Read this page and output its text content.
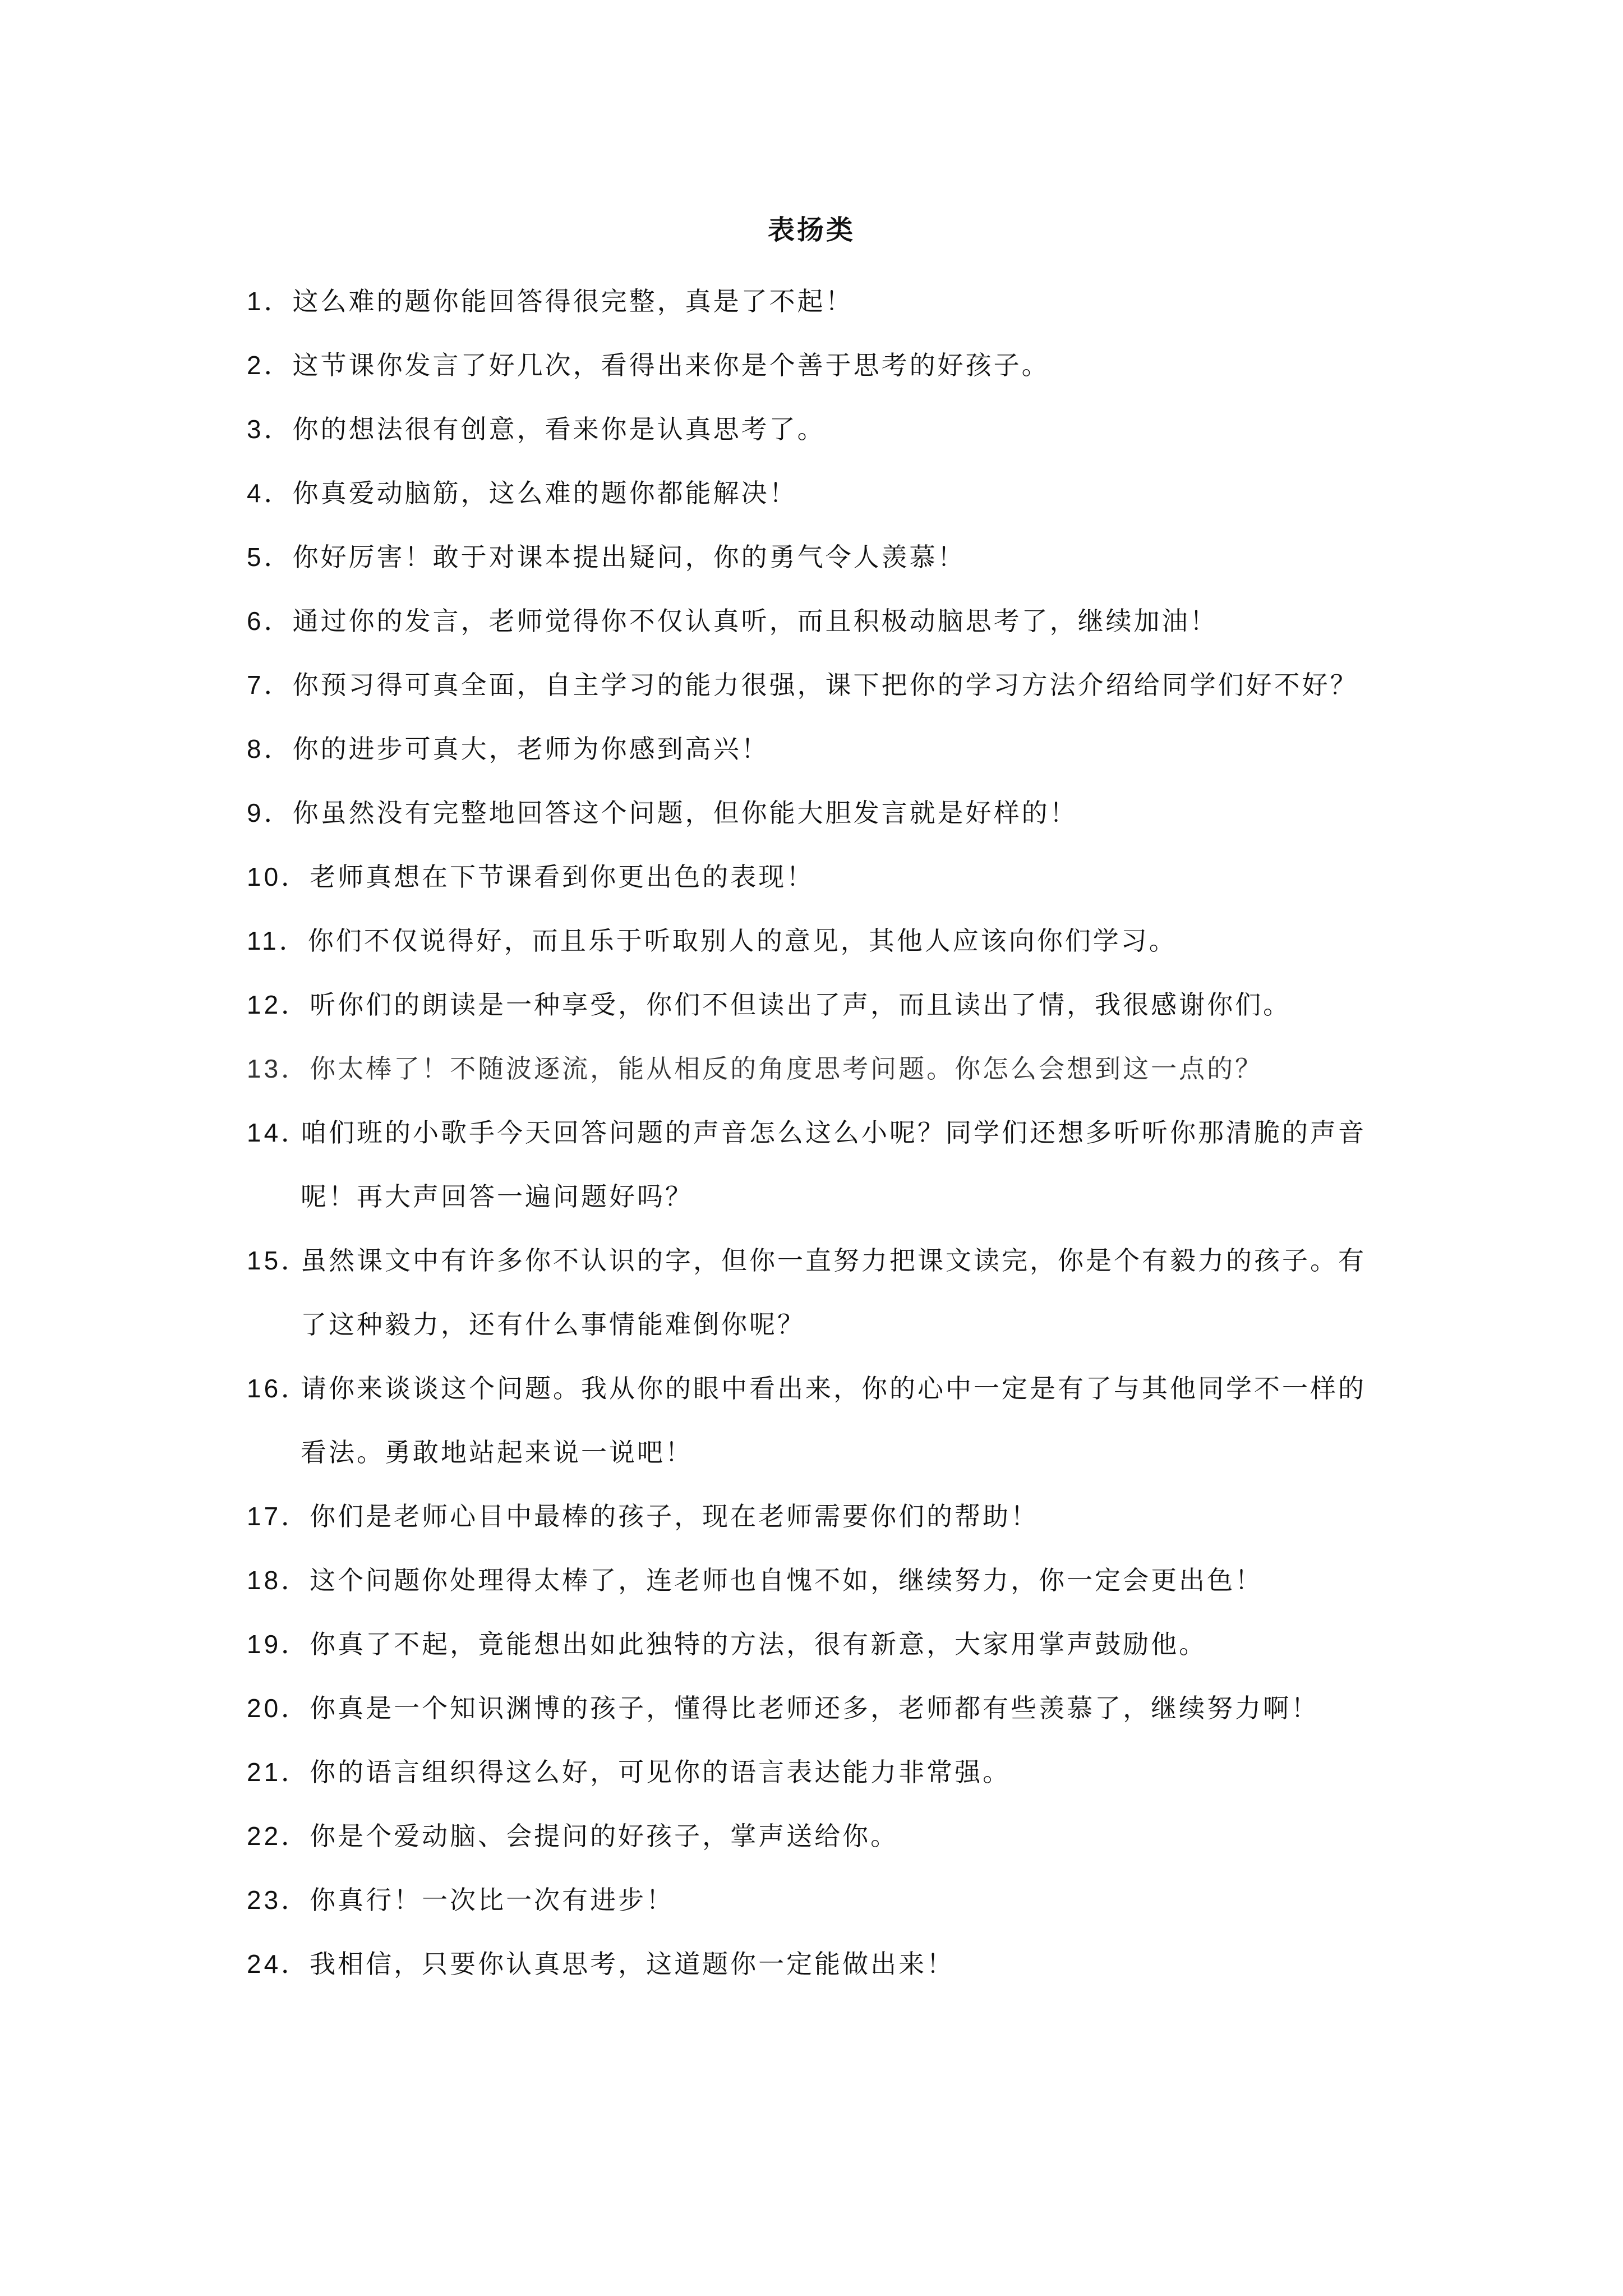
表扬类
1． 这么难的题你能回答得很完整，真是了不起！
2． 这节课你发言了好几次，看得出来你是个善于思考的好孩子。
3． 你的想法很有创意，看来你是认真思考了。
4． 你真爱动脑筋，这么难的题你都能解决！
5． 你好厉害！敢于对课本提出疑问，你的勇气令人羡慕！
6． 通过你的发言，老师觉得你不仅认真听，而且积极动脑思考了，继续加油！
7．你预习得可真全面，自主学习的能力很强，课下把你的学习方法介绍给同学们好不好？
8． 你的进步可真大，老师为你感到高兴！
9． 你虽然没有完整地回答这个问题，但你能大胆发言就是好样的！
10． 老师真想在下节课看到你更出色的表现！
11． 你们不仅说得好，而且乐于听取别人的意见，其他人应该向你们学习。
12． 听你们的朗读是一种享受，你们不但读出了声，而且读出了情，我很感谢你们。
13． 你太棒了！不随波逐流，能从相反的角度思考问题。你怎么会想到这一点的？
14．
咱们班的小歌手今天回答问题的声音怎么这么小呢？同学们还想多听听你那清脆的声音呢！再大声回答一遍问题好吗？
15．
虽然课文中有许多你不认识的字，但你一直努力把课文读完，你是个有毅力的孩子。有了这种毅力，还有什么事情能难倒你呢？
16．
请你来谈谈这个问题。我从你的眼中看出来，你的心中一定是有了与其他同学不一样的看法。勇敢地站起来说一说吧！
17． 你们是老师心目中最棒的孩子，现在老师需要你们的帮助！
18． 这个问题你处理得太棒了，连老师也自愧不如，继续努力，你一定会更出色！
19． 你真了不起，竟能想出如此独特的方法，很有新意，大家用掌声鼓励他。
20．你真是一个知识渊博的孩子，懂得比老师还多，老师都有些羡慕了，继续努力啊！
21． 你的语言组织得这么好，可见你的语言表达能力非常强。
22． 你是个爱动脑、会提问的好孩子，掌声送给你。
23． 你真行！一次比一次有进步！
24． 我相信，只要你认真思考，这道题你一定能做出来！
